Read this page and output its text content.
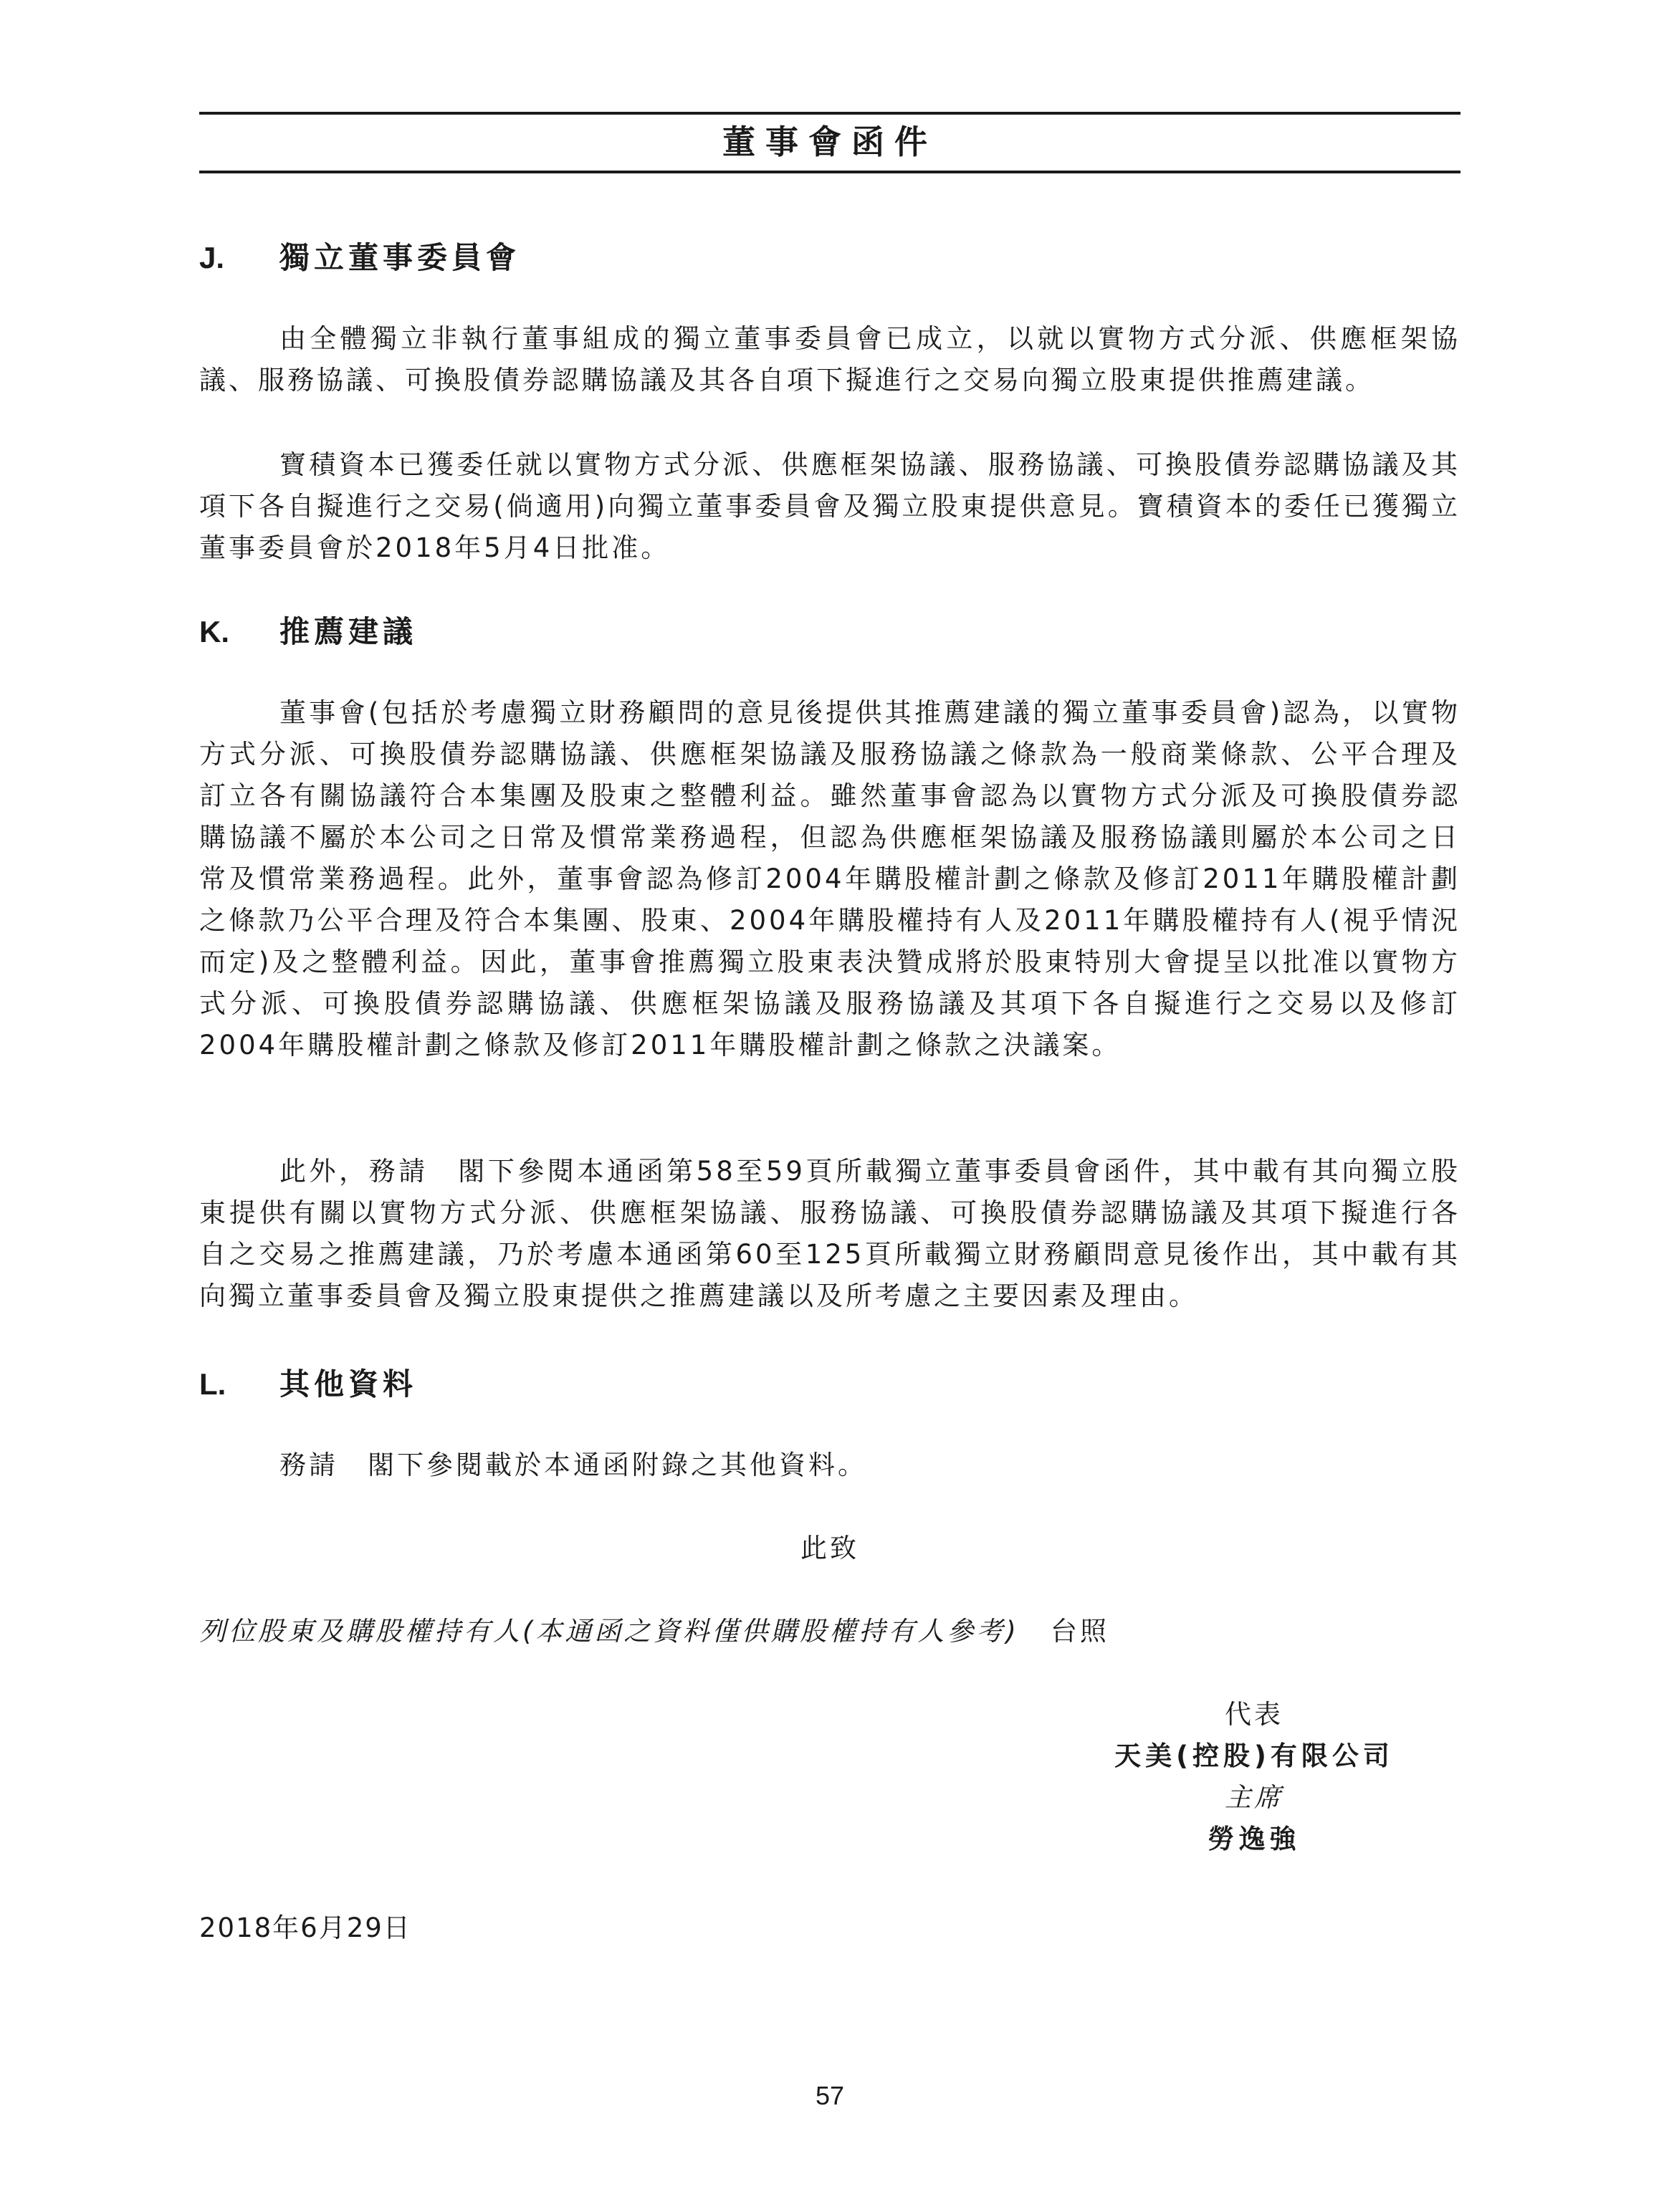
董事會函件
J. 獨立董事委員會

由全體獨立非執行董事組成的獨立董事委員會已成立，以就以實物方式分派、供應框架協議、服務協議、可換股債券認購協議及其各自項下擬進行之交易向獨立股東提供推薦建議。

寶積資本已獲委任就以實物方式分派、供應框架協議、服務協議、可換股債券認購協議及其項下各自擬進行之交易(倘適用)向獨立董事委員會及獨立股東提供意見。寶積資本的委任已獲獨立董事委員會於2018年5月4日批准。

K. 推薦建議

董事會(包括於考慮獨立財務顧問的意見後提供其推薦建議的獨立董事委員會)認為，以實物方式分派、可換股債券認購協議、供應框架協議及服務協議之條款為一般商業條款、公平合理及訂立各有關協議符合本集團及股東之整體利益。雖然董事會認為以實物方式分派及可換股債券認購協議不屬於本公司之日常及慣常業務過程，但認為供應框架協議及服務協議則屬於本公司之日常及慣常業務過程。此外，董事會認為修訂2004年購股權計劃之條款及修訂2011年購股權計劃之條款乃公平合理及符合本集團、股東、2004年購股權持有人及2011年購股權持有人(視乎情況而定)及之整體利益。因此，董事會推薦獨立股東表決贊成將於股東特別大會提呈以批准以實物方式分派、可換股債券認購協議、供應框架協議及服務協議及其項下各自擬進行之交易以及修訂2004年購股權計劃之條款及修訂2011年購股權計劃之條款之決議案。

此外，務請　閣下參閱本通函第58至59頁所載獨立董事委員會函件，其中載有其向獨立股東提供有關以實物方式分派、供應框架協議、服務協議、可換股債券認購協議及其項下擬進行各自之交易之推薦建議，乃於考慮本通函第60至125頁所載獨立財務顧問意見後作出，其中載有其向獨立董事委員會及獨立股東提供之推薦建議以及所考慮之主要因素及理由。

L. 其他資料

務請　閣下參閱載於本通函附錄之其他資料。

此致
列位股東及購股權持有人(本通函之資料僅供購股權持有人參考) 台照
代表
天美(控股)有限公司
主席
勞逸強
2018年6月29日
57
